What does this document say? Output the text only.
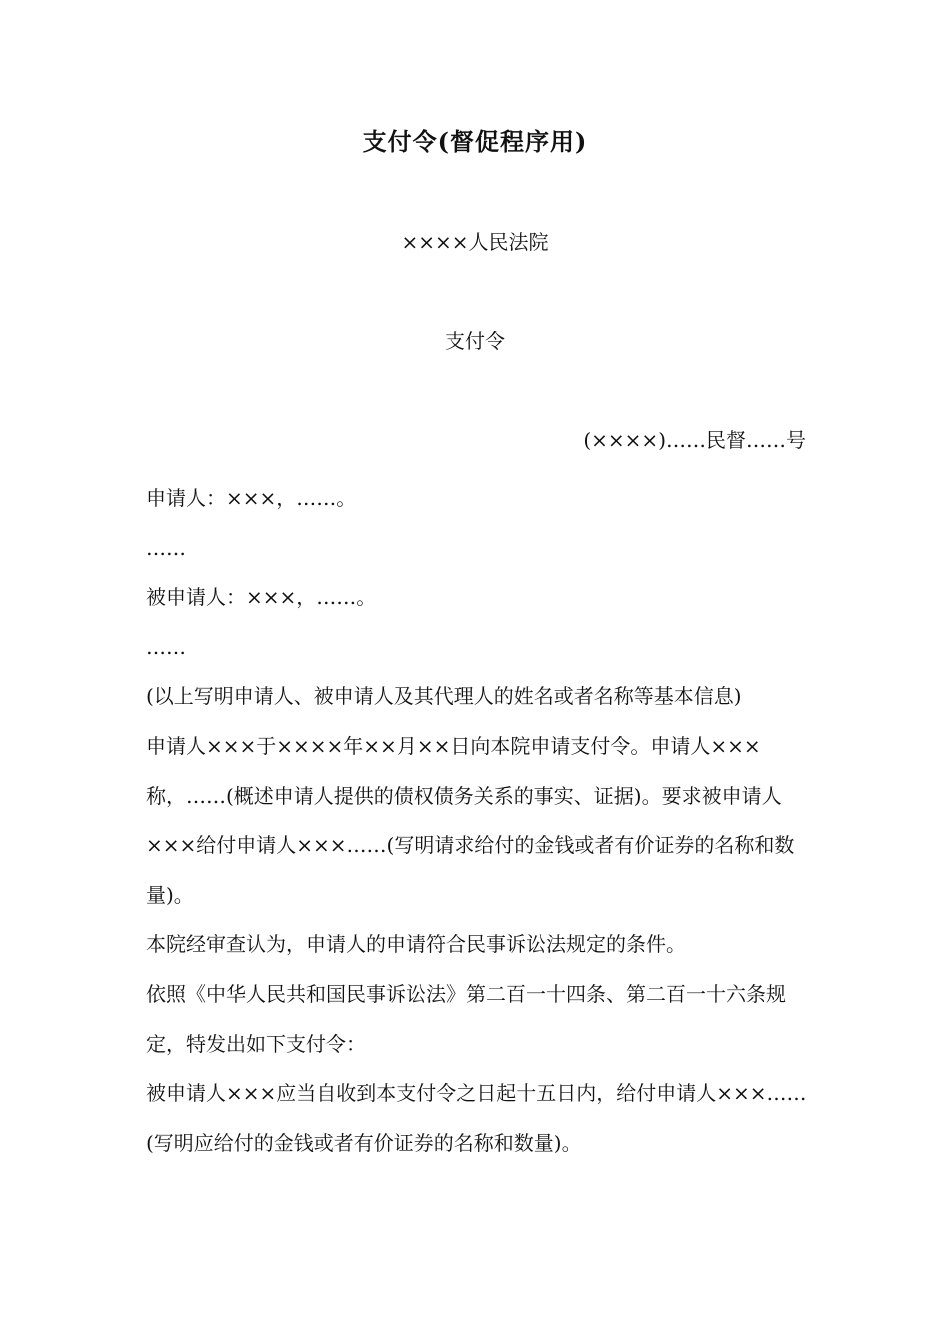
支付令(督促程序用)
××××人民法院
支付令
(××××)……民督……号

申请人：×××，……。

……

被申请人：×××，……。

……

(以上写明申请人、被申请人及其代理人的姓名或者名称等基本信息)

申请人×××于××××年××月××日向本院申请支付令。申请人×××称，……(概述申请人提供的债权债务关系的事实、证据)。要求被申请人×××给付申请人×××……(写明请求给付的金钱或者有价证券的名称和数量)。

本院经审查认为，申请人的申请符合民事诉讼法规定的条件。

依照《中华人民共和国民事诉讼法》第二百一十四条、第二百一十六条规定，特发出如下支付令：

被申请人×××应当自收到本支付令之日起十五日内，给付申请人×××……(写明应给付的金钱或者有价证券的名称和数量)。
